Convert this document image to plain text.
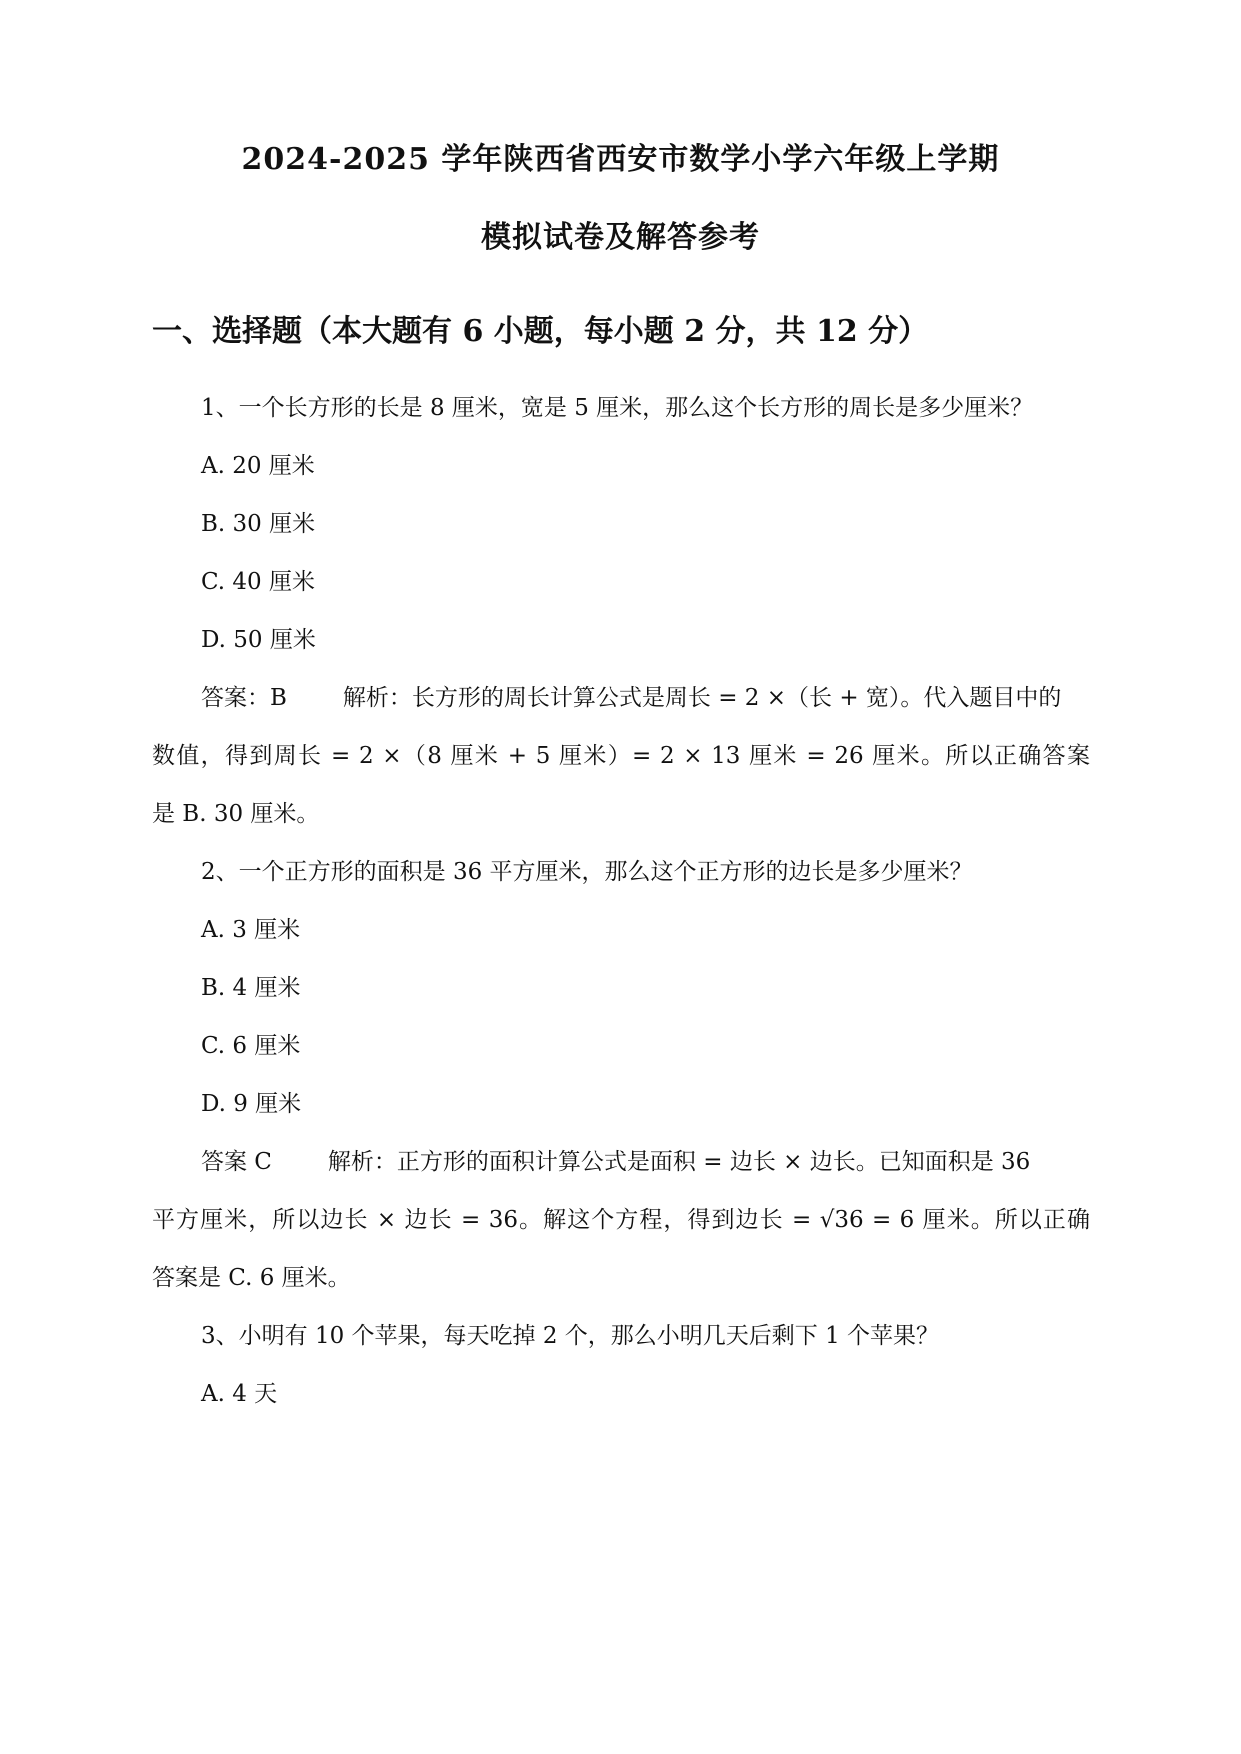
2024-2025 学年陕西省西安市数学小学六年级上学期
模拟试卷及解答参考
一、选择题（本大题有 6 小题，每小题 2 分，共 12 分）
1、一个长方形的长是 8 厘米，宽是 5 厘米，那么这个长方形的周长是多少厘米？
A. 20 厘米
B. 30 厘米
C. 40 厘米
D. 50 厘米
答案：B 解析：长方形的周长计算公式是周长 = 2 ×（长 + 宽）。代入题目中的
数值，得到周长 = 2 ×（8 厘米 + 5 厘米）= 2 × 13 厘米 = 26 厘米。所以正确答案
是 B. 30 厘米。
2、一个正方形的面积是 36 平方厘米，那么这个正方形的边长是多少厘米？
A. 3 厘米
B. 4 厘米
C. 6 厘米
D. 9 厘米
答案 C 解析：正方形的面积计算公式是面积 = 边长 × 边长。已知面积是 36
平方厘米，所以边长 × 边长 = 36。解这个方程，得到边长 = √36 = 6 厘米。所以正确
答案是 C. 6 厘米。
3、小明有 10 个苹果，每天吃掉 2 个，那么小明几天后剩下 1 个苹果？
A. 4 天
